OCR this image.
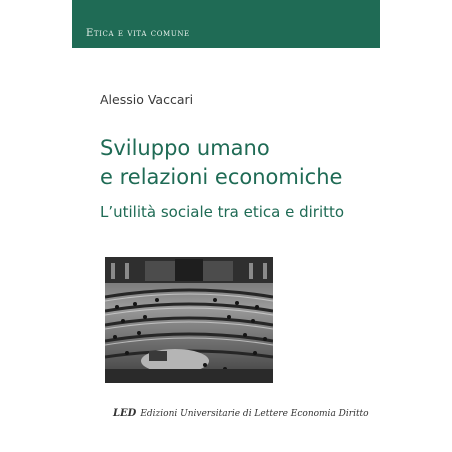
Etica e vita comune
Alessio Vaccari
Sviluppo umano
e relazioni economiche
L’utilità sociale tra etica e diritto
LED Edizioni Universitarie di Lettere Economia Diritto
